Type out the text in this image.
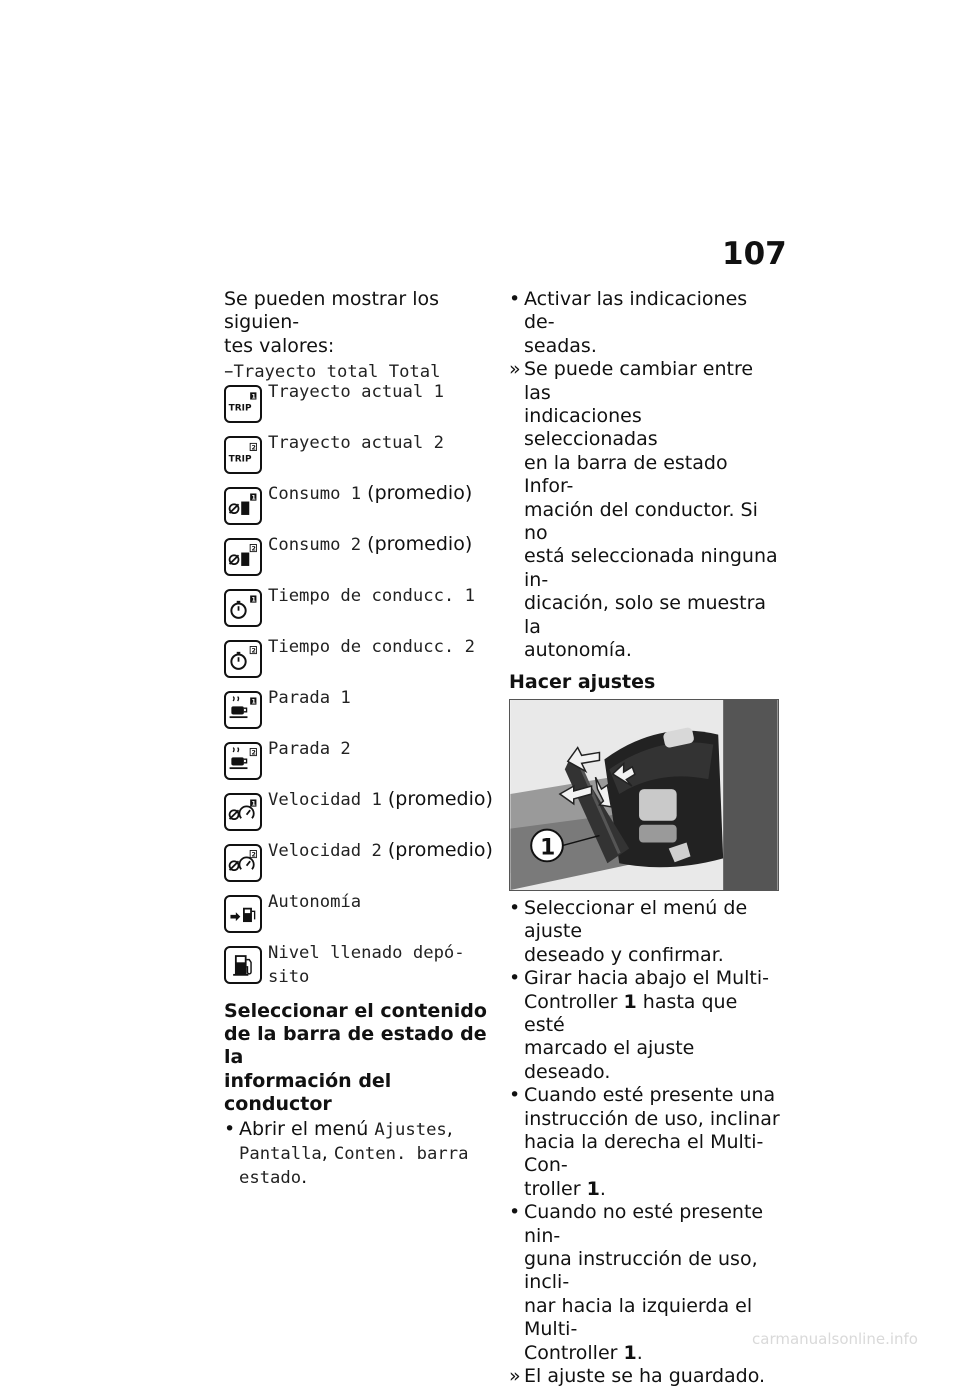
107
Se pueden mostrar los siguien-
tes valores:
–Trayecto total Total
TRIP
1 Trayecto actual 1
TRIP
2 Trayecto actual 2
1 Consumo 1 (promedio)
2 Consumo 2 (promedio)
1 Tiempo de conducc. 1
2 Tiempo de conducc. 2
1 Parada 1
2 Parada 2
1 Velocidad 1 (promedio)
2 Velocidad 2 (promedio)
Autonomía
Nivel llenado depó-
sito
Seleccionar el contenido
de la barra de estado de la
información del conductor
• Abrir el menú Ajustes,
Pantalla, Conten. barra
estado.
• Activar las indicaciones de-
seadas.
» Se puede cambiar entre las
indicaciones seleccionadas
en la barra de estado Infor-
mación del conductor. Si no
está seleccionada ninguna in-
dicación, solo se muestra la
autonomía.
Hacer ajustes
1
• Seleccionar el menú de ajuste
deseado y confirmar.
• Girar hacia abajo el Multi-
Controller 1 hasta que esté
marcado el ajuste deseado.
• Cuando esté presente una
instrucción de uso, inclinar
hacia la derecha el Multi-Con-
troller 1.
• Cuando no esté presente nin-
guna instrucción de uso, incli-
nar hacia la izquierda el Multi-
Controller 1.
» El ajuste se ha guardado.
carmanualsonline.info
